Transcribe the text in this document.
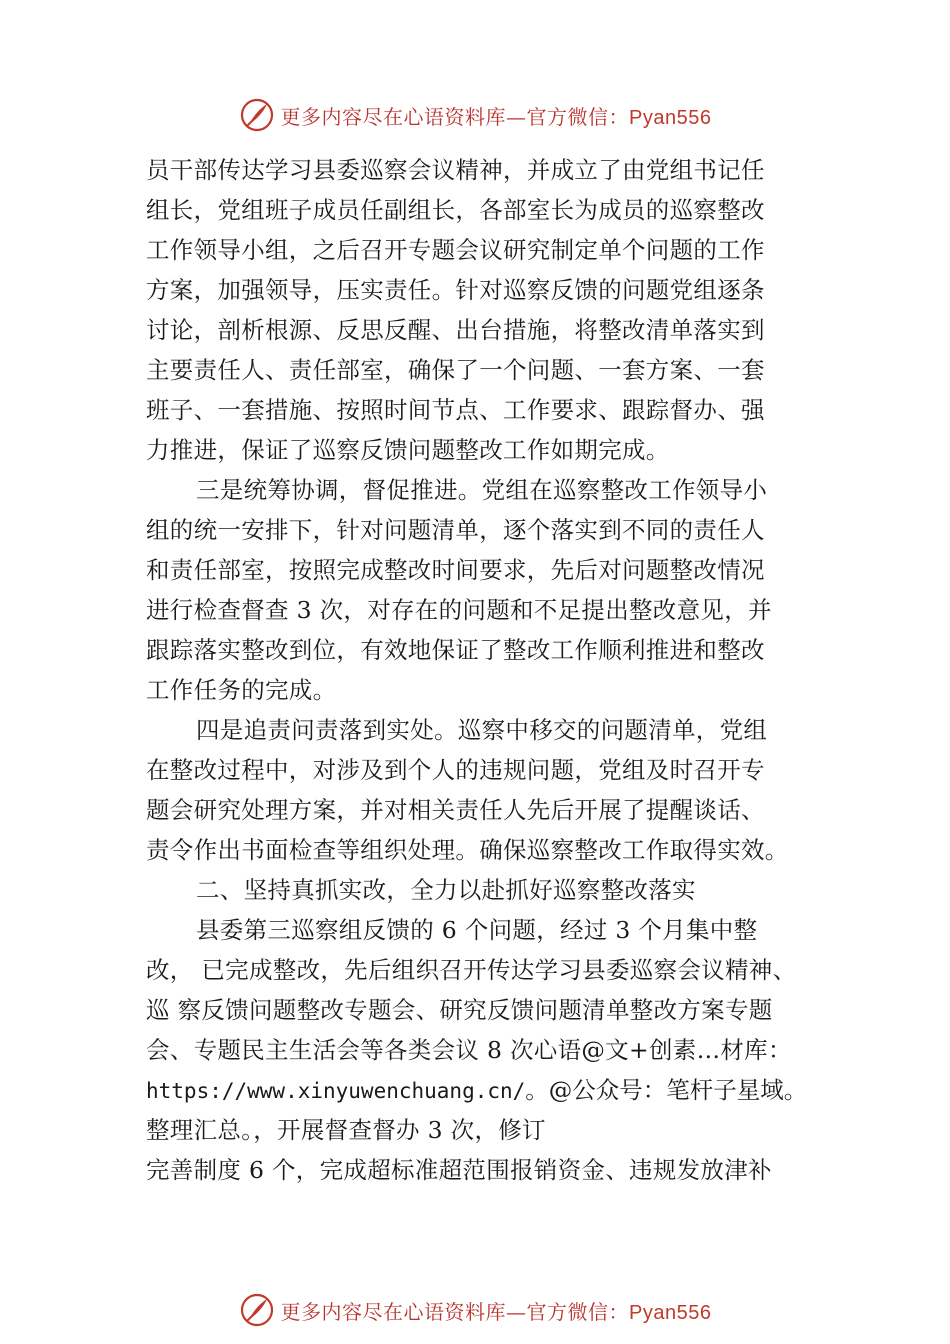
更多内容尽在心语资料库—官方微信：Pyan556
员干部传达学习县委巡察会议精神，并成立了由党组书记任
组长，党组班子成员任副组长，各部室长为成员的巡察整改
工作领导小组，之后召开专题会议研究制定单个问题的工作
方案，加强领导，压实责任。针对巡察反馈的问题党组逐条
讨论，剖析根源、反思反醒、出台措施，将整改清单落实到
主要责任人、责任部室，确保了一个问题、一套方案、一套
班子、一套措施、按照时间节点、工作要求、跟踪督办、强
力推进，保证了巡察反馈问题整改工作如期完成。
三是统筹协调，督促推进。党组在巡察整改工作领导小
组的统一安排下，针对问题清单，逐个落实到不同的责任人
和责任部室，按照完成整改时间要求，先后对问题整改情况
进行检查督查 3 次，对存在的问题和不足提出整改意见，并
跟踪落实整改到位，有效地保证了整改工作顺利推进和整改
工作任务的完成。
四是追责问责落到实处。巡察中移交的问题清单，党组
在整改过程中，对涉及到个人的违规问题，党组及时召开专
题会研究处理方案，并对相关责任人先后开展了提醒谈话、
责令作出书面检查等组织处理。确保巡察整改工作取得实效。
二、坚持真抓实改，全力以赴抓好巡察整改落实
县委第三巡察组反馈的 6 个问题，经过 3 个月集中整
改， 已完成整改，先后组织召开传达学习县委巡察会议精神、
巡 察反馈问题整改专题会、研究反馈问题清单整改方案专题
会、专题民主生活会等各类会议 8 次心语@文+创素…材库：
https://www.xinyuwenchuang.cn/。@公众号：笔杆子星域。
整理汇总。，开展督查督办 3 次，修订
完善制度 6 个，完成超标准超范围报销资金、违规发放津补
更多内容尽在心语资料库—官方微信：Pyan556
